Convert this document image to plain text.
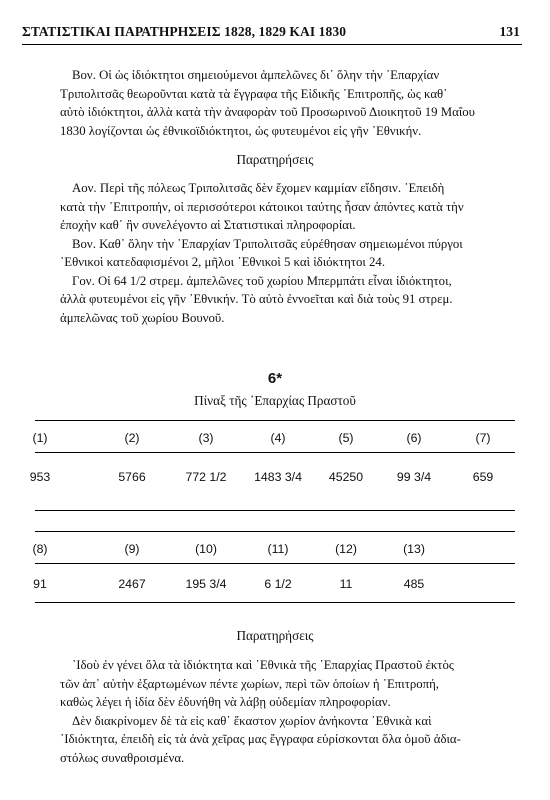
ΣΤΑΤΙΣΤΙΚΑΙ ΠΑΡΑΤΗΡΗΣΕΙΣ 1828, 1829 ΚΑΙ 1830	131
Βον. Οἱ ὡς ἰδιόκτητοι σημειούμενοι ἀμπελῶνες δι᾿ ὅλην τὴν ᾿Επαρχίαν
Τριπολιτσᾶς θεωροῦνται κατὰ τὰ ἔγγραφα τῆς Εἰδικῆς ᾿Επιτροπῆς, ὡς καθ᾿
αὐτὸ ἰδιόκτητοι, ἀλλὰ κατὰ τὴν ἀναφορὰν τοῦ Προσωρινοῦ Διοικητοῦ 19 Μαΐου
1830 λογίζονται ὡς ἐθνικοϊδιόκτητοι, ὡς φυτευμένοι εἰς γῆν ᾿Εθνικήν.
Παρατηρήσεις
Αον. Περὶ τῆς πόλεως Τριπολιτσᾶς δὲν ἔχομεν καμμίαν εἴδησιν. ᾿Επειδὴ
κατὰ τὴν ᾿Επιτροπήν, οἱ περισσότεροι κάτοικοι ταύτης ἦσαν ἀπόντες κατὰ τὴν
ἐποχὴν καθ᾿ ἣν συνελέγοντο αἱ Στατιστικαὶ πληροφορίαι.
Βον. Καθ᾿ ὅλην τὴν ᾿Επαρχίαν Τριπολιτσᾶς εὑρέθησαν σημειωμένοι πύργοι
᾿Εθνικοὶ κατεδαφισμένοι 2, μῆλοι ᾿Εθνικοὶ 5 καὶ ἰδιόκτητοι 24.
Γον. Οἱ 64 1/2 στρεμ. ἀμπελῶνες τοῦ χωρίου Μπερμπάτι εἶναι ἰδιόκτητοι,
ἀλλὰ φυτευμένοι εἰς γῆν ᾿Εθνικήν. Τὸ αὐτὸ ἐννοεῖται καὶ διὰ τοὺς 91 στρεμ.
ἀμπελῶνας τοῦ χωρίου Βουνοῦ.
6*
Πίναξ τῆς ᾿Επαρχίας Πραστοῦ
(1)	(2)	(3)	(4)	(5)	(6)	(7)
953	5766	772 1/2	1483 3/4	45250	99 3/4	659
(8)	(9)	(10)	(11)	(12)	(13)
91	2467	195 3/4	6 1/2	11	485
Παρατηρήσεις
᾿Ιδοὺ ἐν γένει ὅλα τὰ ἰδιόκτητα καὶ ᾿Εθνικὰ τῆς ᾿Επαρχίας Πραστοῦ ἐκτὸς
τῶν ἀπ᾿ αὐτὴν ἐξαρτωμένων πέντε χωρίων, περὶ τῶν ὁποίων ἡ ᾿Επιτροπή,
καθὼς λέγει ἡ ἰδία δὲν ἐδυνήθη νὰ λάβῃ οὐδεμίαν πληροφορίαν.
Δὲν διακρίνομεν δὲ τὰ εἰς καθ᾿ ἕκαστον χωρίον ἀνήκοντα ᾿Εθνικὰ καὶ
᾿Ιδιόκτητα, ἐπειδὴ εἰς τὰ ἀνὰ χεῖρας μας ἔγγραφα εὑρίσκονται ὅλα ὁμοῦ ἀδια-
στόλως συναθροισμένα.
